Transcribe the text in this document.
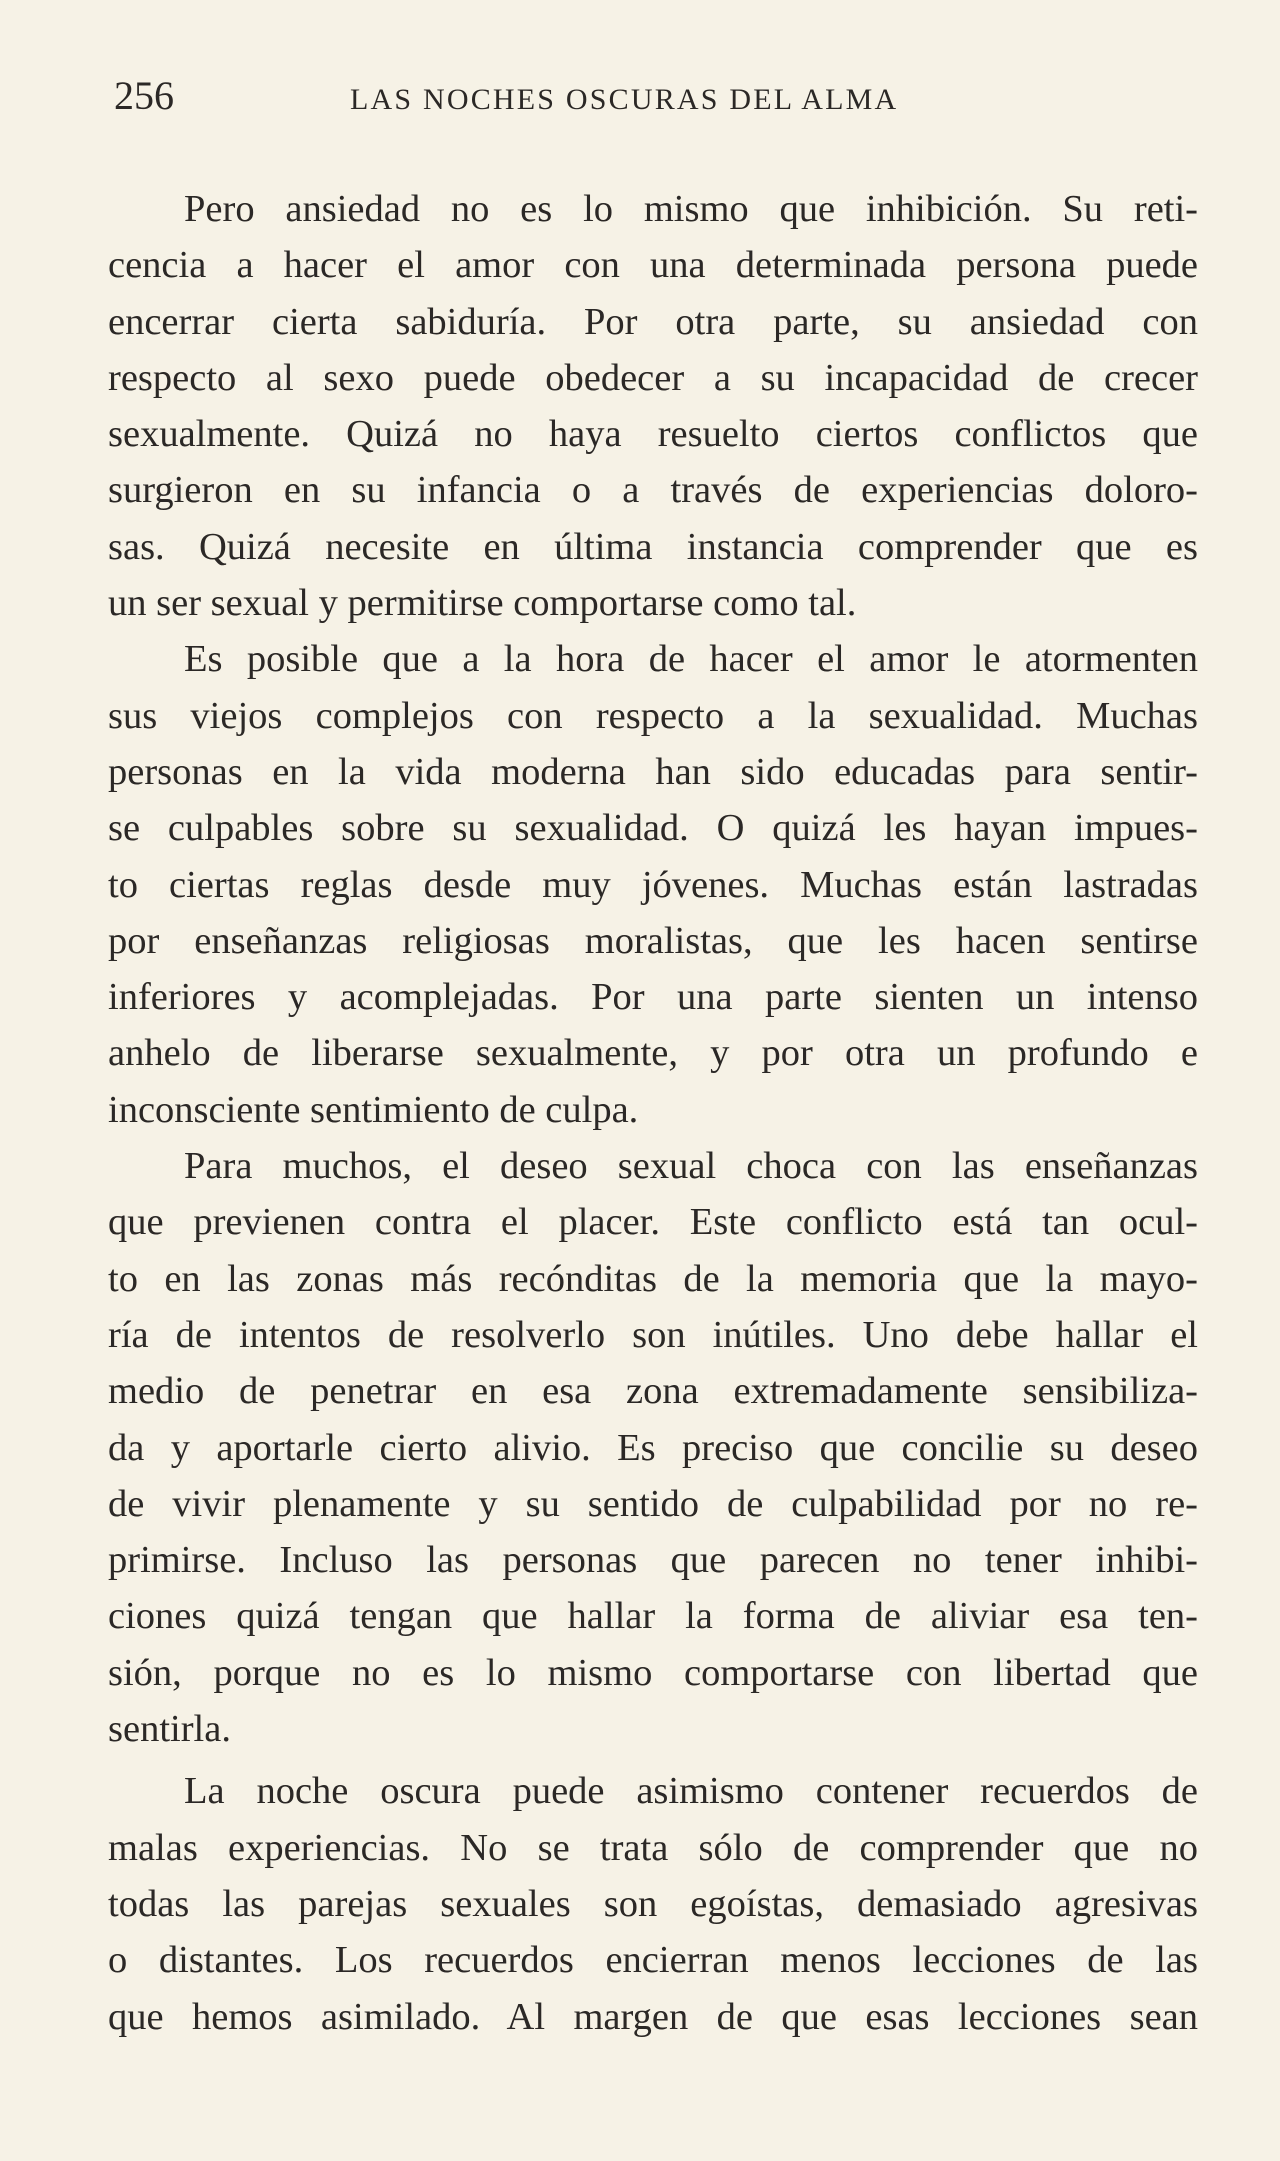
256	LAS NOCHES OSCURAS DEL ALMA
Pero ansiedad no es lo mismo que inhibición. Su reti-
cencia a hacer el amor con una determinada persona puede
encerrar cierta sabiduría. Por otra parte, su ansiedad con
respecto al sexo puede obedecer a su incapacidad de crecer
sexualmente. Quizá no haya resuelto ciertos conflictos que
surgieron en su infancia o a través de experiencias doloro-
sas. Quizá necesite en última instancia comprender que es
un ser sexual y permitirse comportarse como tal.
Es posible que a la hora de hacer el amor le atormenten
sus viejos complejos con respecto a la sexualidad. Muchas
personas en la vida moderna han sido educadas para sentir-
se culpables sobre su sexualidad. O quizá les hayan impues-
to ciertas reglas desde muy jóvenes. Muchas están lastradas
por enseñanzas religiosas moralistas, que les hacen sentirse
inferiores y acomplejadas. Por una parte sienten un intenso
anhelo de liberarse sexualmente, y por otra un profundo e
inconsciente sentimiento de culpa.
Para muchos, el deseo sexual choca con las enseñanzas
que previenen contra el placer. Este conflicto está tan ocul-
to en las zonas más recónditas de la memoria que la mayo-
ría de intentos de resolverlo son inútiles. Uno debe hallar el
medio de penetrar en esa zona extremadamente sensibiliza-
da y aportarle cierto alivio. Es preciso que concilie su deseo
de vivir plenamente y su sentido de culpabilidad por no re-
primirse. Incluso las personas que parecen no tener inhibi-
ciones quizá tengan que hallar la forma de aliviar esa ten-
sión, porque no es lo mismo comportarse con libertad que
sentirla.
La noche oscura puede asimismo contener recuerdos de
malas experiencias. No se trata sólo de comprender que no
todas las parejas sexuales son egoístas, demasiado agresivas
o distantes. Los recuerdos encierran menos lecciones de las
que hemos asimilado. Al margen de que esas lecciones sean
